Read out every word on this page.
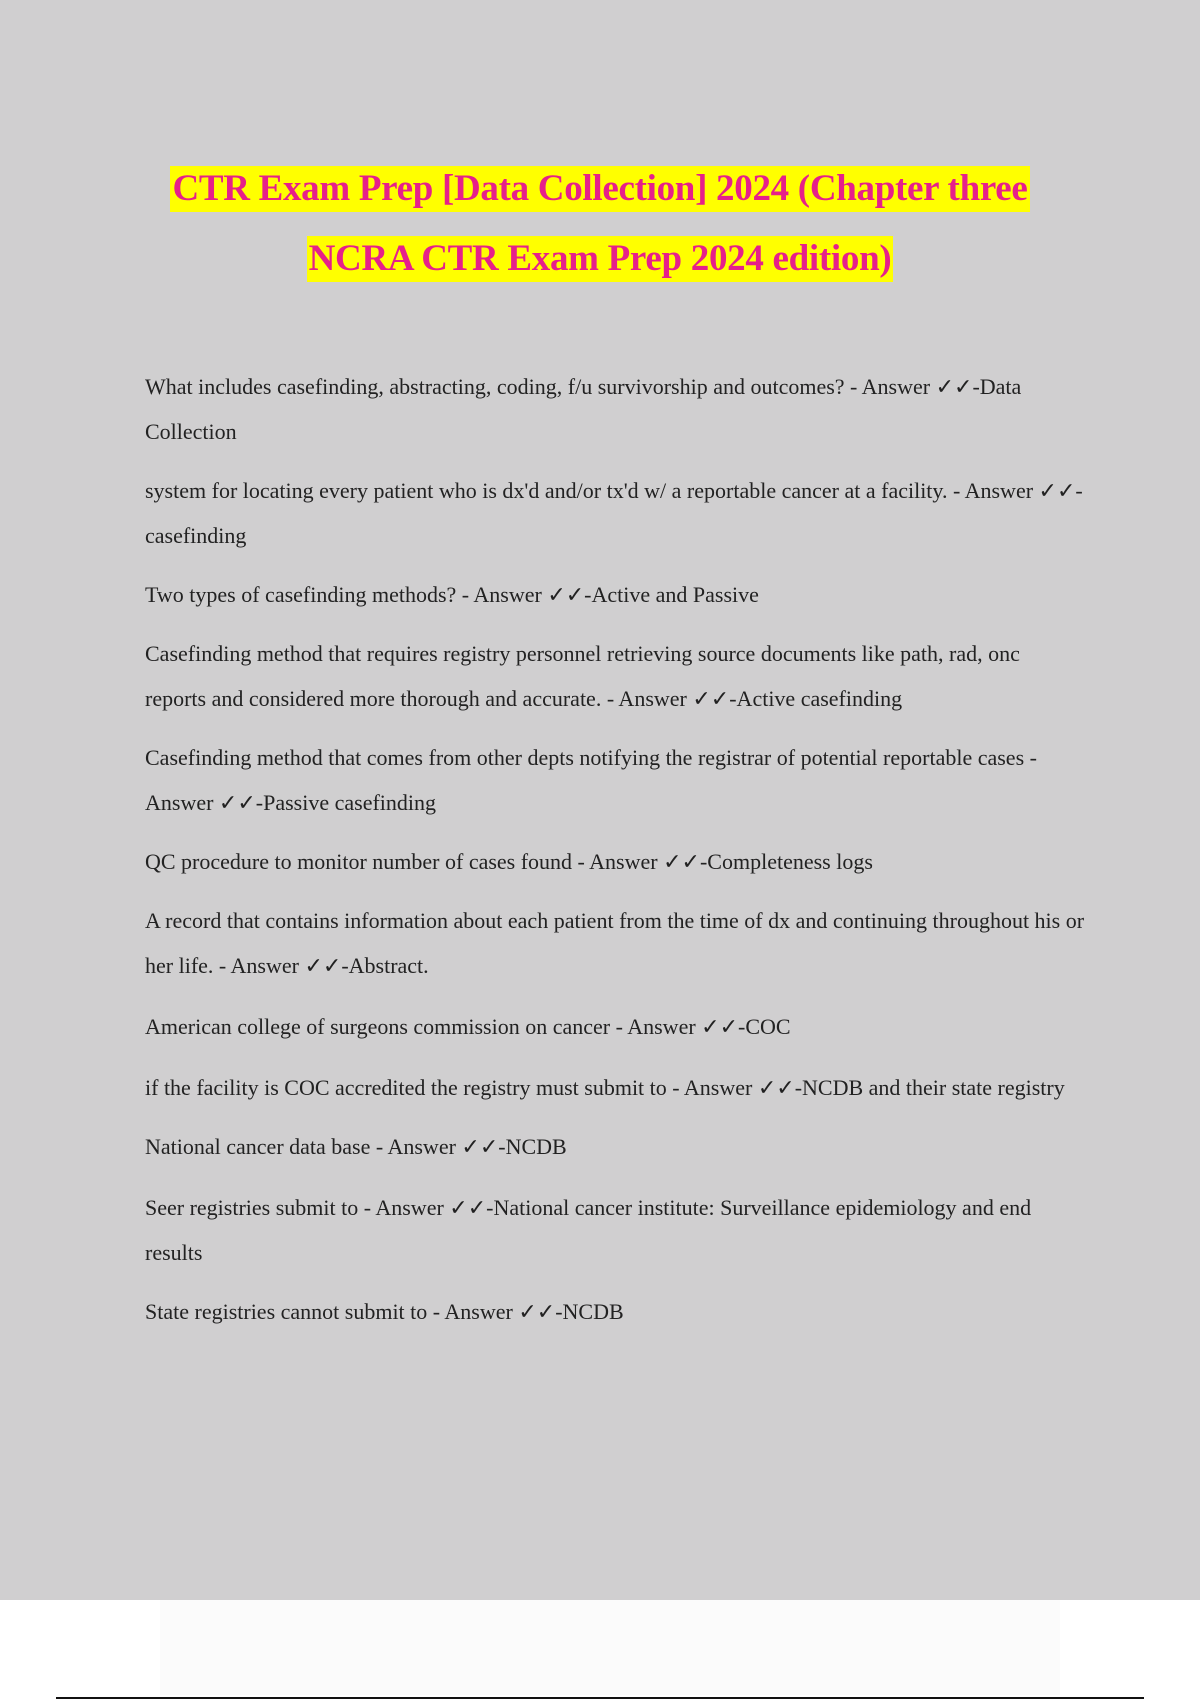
CTR Exam Prep [Data Collection] 2024 (Chapter three
NCRA CTR Exam Prep 2024 edition)

What includes casefinding, abstracting, coding, f/u survivorship and outcomes? - Answer ✓✓-Data Collection

system for locating every patient who is dx'd and/or tx'd w/ a reportable cancer at a facility. - Answer ✓✓-casefinding

Two types of casefinding methods? - Answer ✓✓-Active and Passive

Casefinding method that requires registry personnel retrieving source documents like path, rad, onc reports and considered more thorough and accurate. - Answer ✓✓-Active casefinding

Casefinding method that comes from other depts notifying the registrar of potential reportable cases - Answer ✓✓-Passive casefinding

QC procedure to monitor number of cases found - Answer ✓✓-Completeness logs

A record that contains information about each patient from the time of dx and continuing throughout his or her life. - Answer ✓✓-Abstract.

American college of surgeons commission on cancer - Answer ✓✓-COC

if the facility is COC accredited the registry must submit to - Answer ✓✓-NCDB and their state registry

National cancer data base - Answer ✓✓-NCDB

Seer registries submit to - Answer ✓✓-National cancer institute: Surveillance epidemiology and end results

State registries cannot submit to - Answer ✓✓-NCDB
